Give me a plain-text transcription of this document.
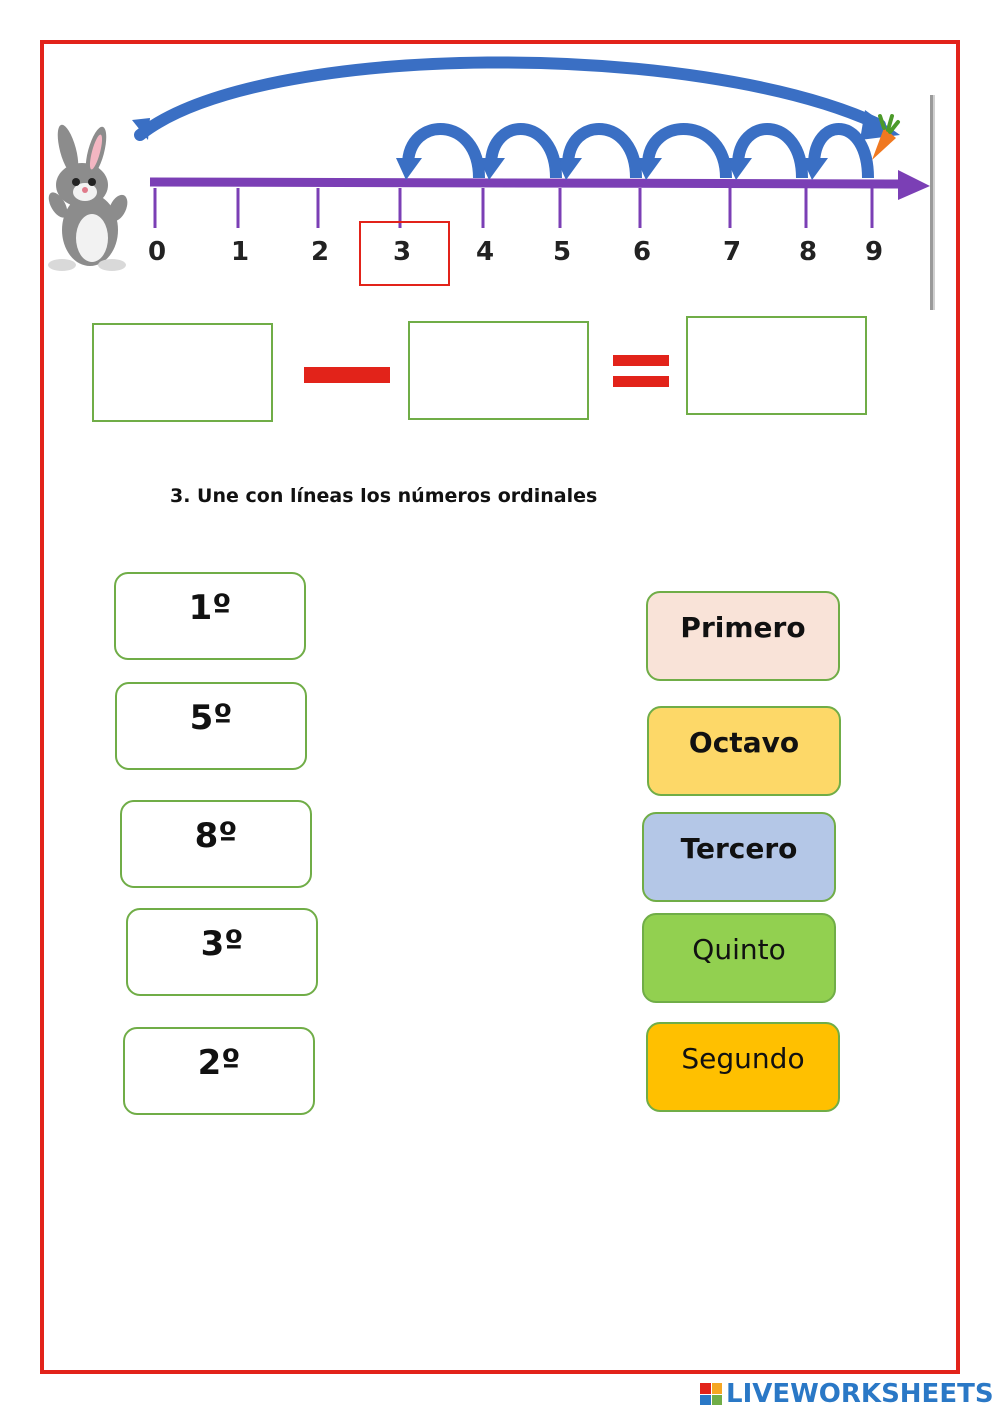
0 1 2 3 4 5 6	7 8 9
3. Une con líneas los números ordinales
1º
5º
8º
3º
2º
Primero
Octavo
Tercero
Quinto
Segundo
LIVEWORKSHEETS
